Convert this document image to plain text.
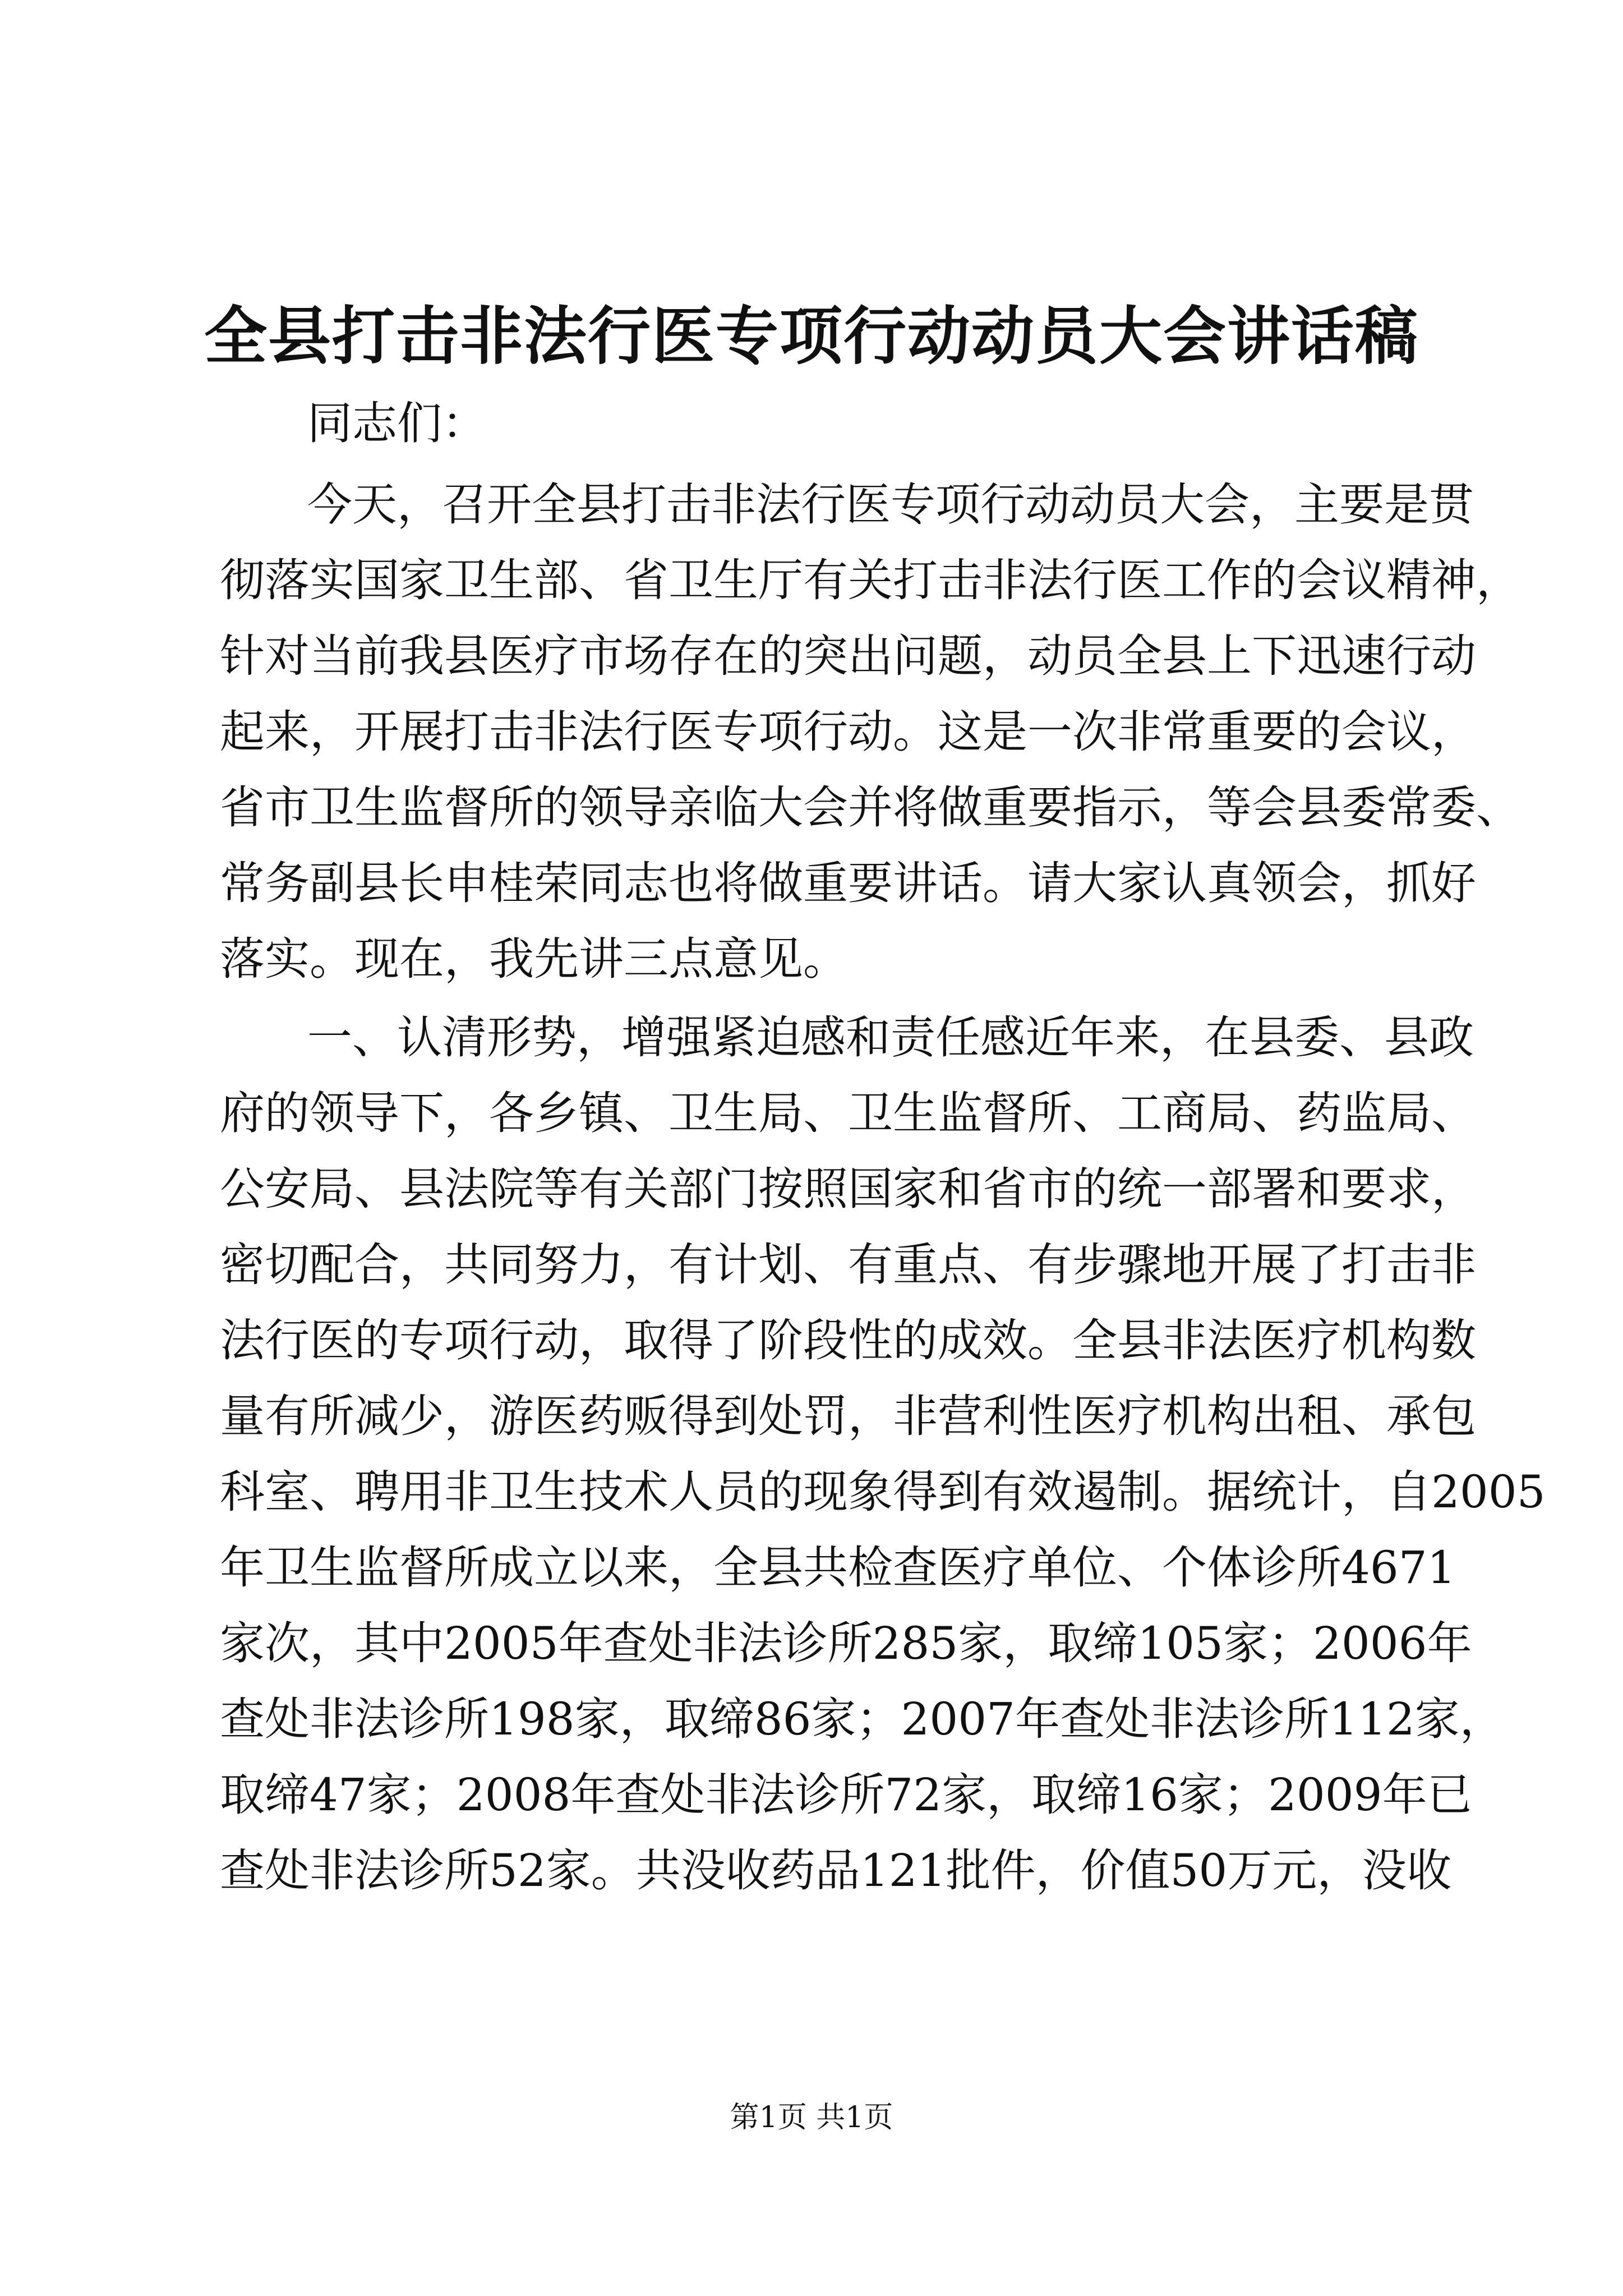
全县打击非法行医专项行动动员大会讲话稿
同志们：
今天，召开全县打击非法行医专项行动动员大会，主要是贯
彻落实国家卫生部、省卫生厅有关打击非法行医工作的会议精神，
针对当前我县医疗市场存在的突出问题，动员全县上下迅速行动
起来，开展打击非法行医专项行动。这是一次非常重要的会议，
省市卫生监督所的领导亲临大会并将做重要指示，等会县委常委、
常务副县长申桂荣同志也将做重要讲话。请大家认真领会，抓好
落实。现在，我先讲三点意见。
一、认清形势，增强紧迫感和责任感近年来，在县委、县政
府的领导下，各乡镇、卫生局、卫生监督所、工商局、药监局、
公安局、县法院等有关部门按照国家和省市的统一部署和要求，
密切配合，共同努力，有计划、有重点、有步骤地开展了打击非
法行医的专项行动，取得了阶段性的成效。全县非法医疗机构数
量有所减少，游医药贩得到处罚，非营利性医疗机构出租、承包
科室、聘用非卫生技术人员的现象得到有效遏制。据统计，自2005
年卫生监督所成立以来，全县共检查医疗单位、个体诊所4671
家次，其中2005年查处非法诊所285家，取缔105家；2006年
查处非法诊所198家，取缔86家；2007年查处非法诊所112家，
取缔47家；2008年查处非法诊所72家，取缔16家；2009年已
查处非法诊所52家。共没收药品121批件，价值50万元，没收
第1页 共1页
